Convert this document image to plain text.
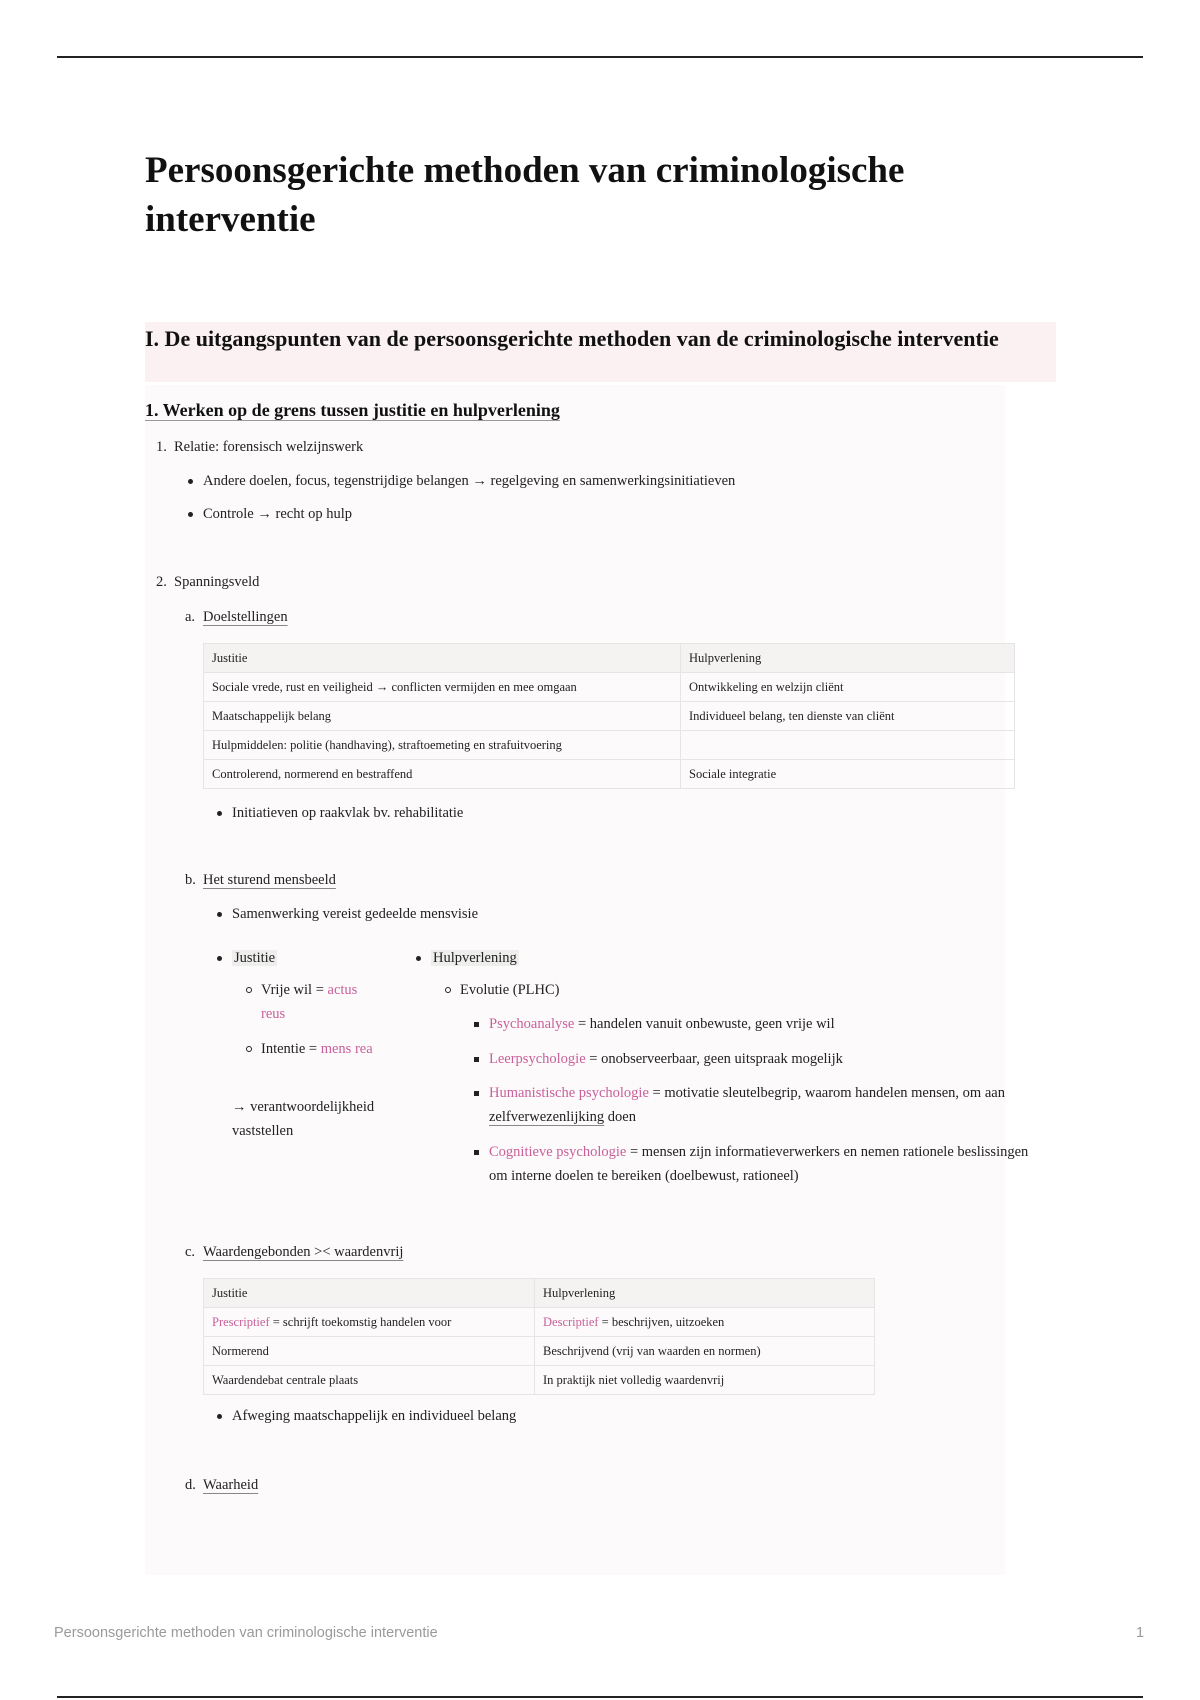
Persoonsgerichte methoden van criminologische interventie
I. De uitgangspunten van de persoonsgerichte methoden van de criminologische interventie
1. Werken op de grens tussen justitie en hulpverlening
1. Relatie: forensisch welzijnswerk
Andere doelen, focus, tegenstrijdige belangen → regelgeving en samenwerkingsinitiatieven
Controle → recht op hulp
2. Spanningsveld
a. Doelstellingen
Justitie	Hulpverlening
Sociale vrede, rust en veiligheid → conflicten vermijden en mee omgaan	Ontwikkeling en welzijn cliënt
Maatschappelijk belang	Individueel belang, ten dienste van cliënt
Hulpmiddelen: politie (handhaving), straftoemeting en strafuitvoering	
Controlerend, normerend en bestraffend	Sociale integratie
Initiatieven op raakvlak bv. rehabilitatie
b. Het sturend mensbeeld
Samenwerking vereist gedeelde mensvisie
Justitie
Vrije wil = actus reus
Intentie = mens rea
→ verantwoordelijkheid vaststellen
Hulpverlening
Evolutie (PLHC)
Psychoanalyse = handelen vanuit onbewuste, geen vrije wil
Leerpsychologie = onobserveerbaar, geen uitspraak mogelijk
Humanistische psychologie = motivatie sleutelbegrip, waarom handelen mensen, om aan zelfverwezenlijking doen
Cognitieve psychologie = mensen zijn informatieverwerkers en nemen rationele beslissingen om interne doelen te bereiken (doelbewust, rationeel)
c. Waardengebonden >< waardenvrij
Justitie	Hulpverlening
Prescriptief = schrijft toekomstig handelen voor	Descriptief = beschrijven, uitzoeken
Normerend	Beschrijvend (vrij van waarden en normen)
Waardendebat centrale plaats	In praktijk niet volledig waardenvrij
Afweging maatschappelijk en individueel belang
d. Waarheid
Persoonsgerichte methoden van criminologische interventie	1
